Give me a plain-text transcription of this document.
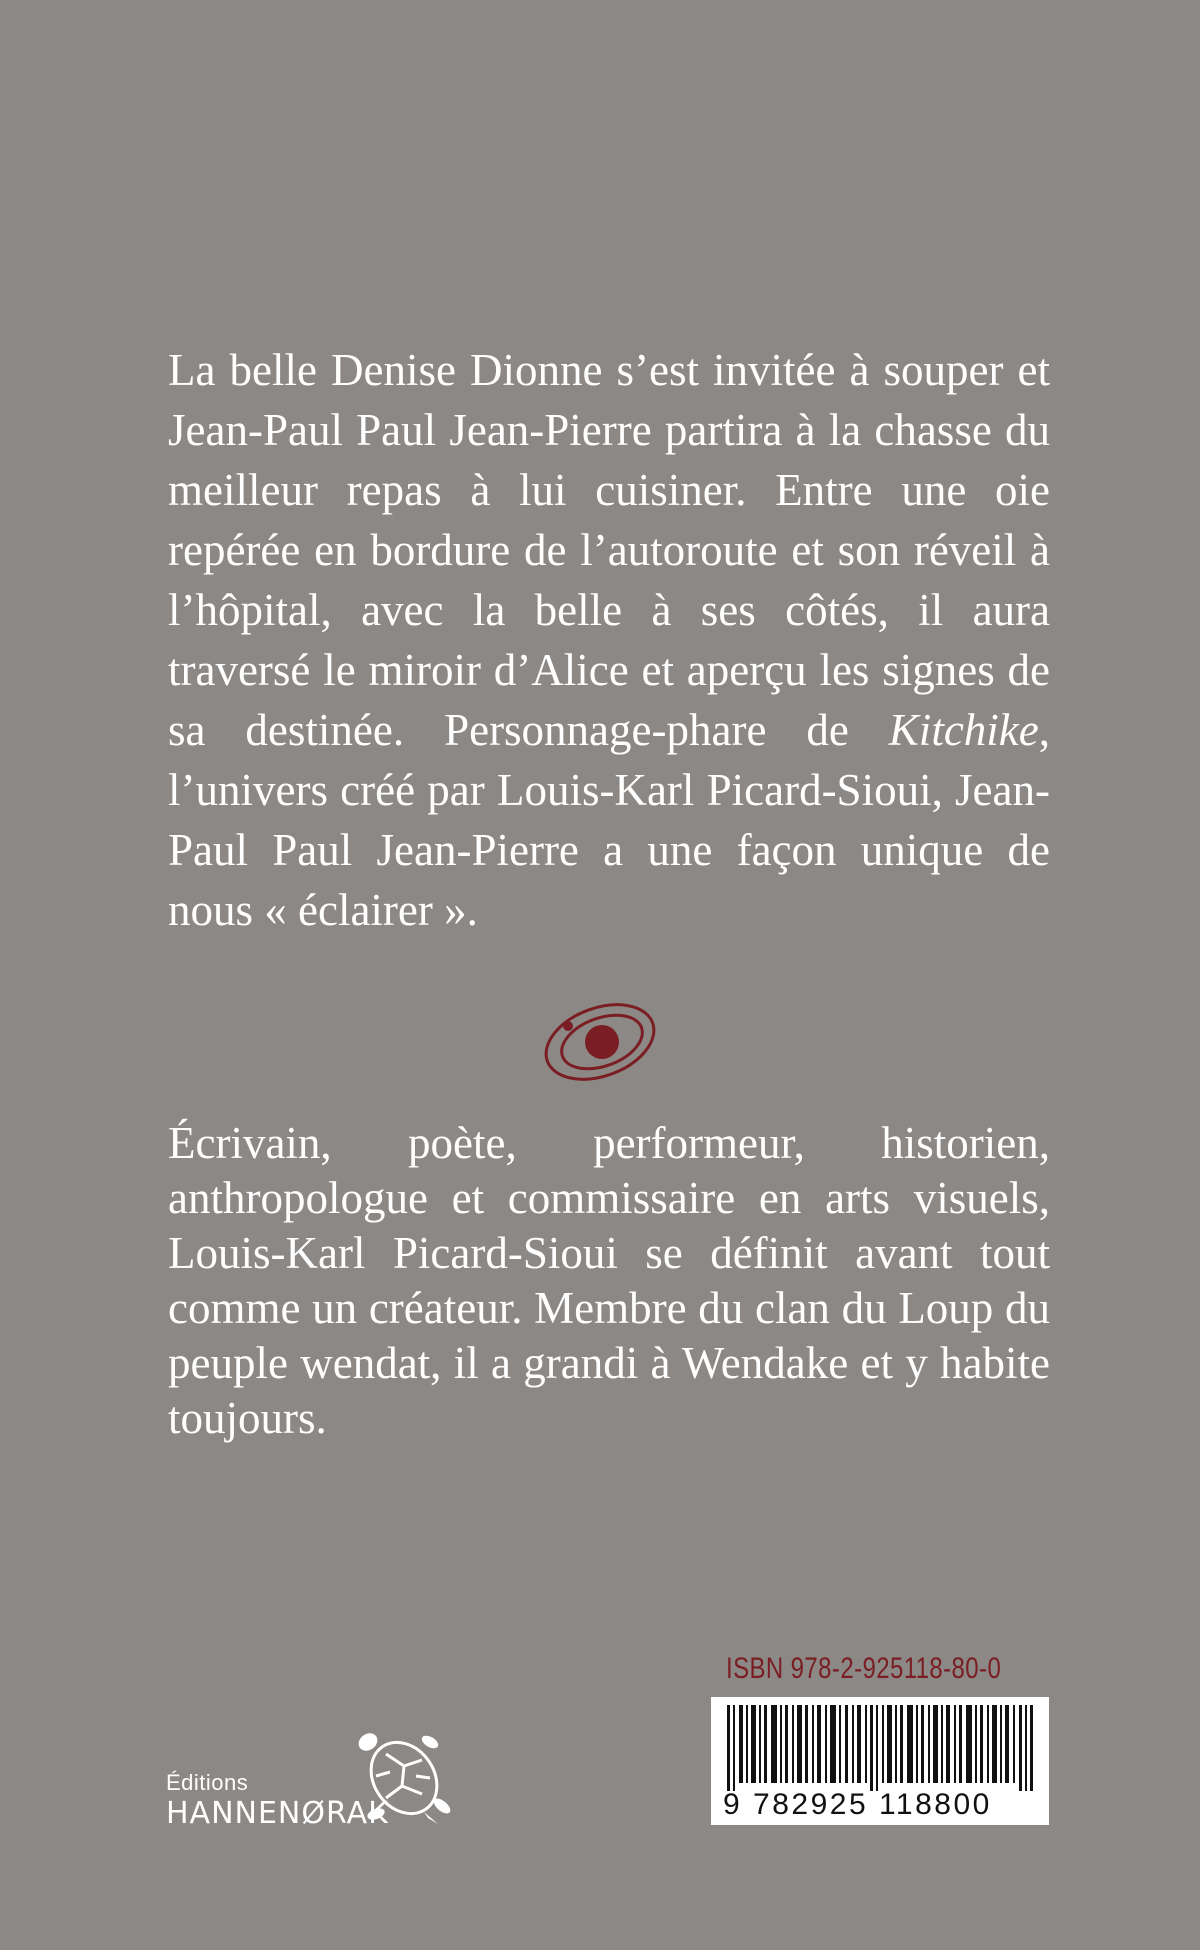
La belle Denise Dionne s’est invitée à souper et Jean-Paul Paul Jean-Pierre partira à la chasse du meilleur repas à lui cuisiner. Entre une oie repérée en bordure de l’autoroute et son réveil à l’hôpital, avec la belle à ses côtés, il aura traversé le miroir d’Alice et aperçu les signes de sa destinée. Personnage-phare de Kitchike, l’univers créé par Louis-Karl Picard-Sioui, Jean-Paul Paul Jean-Pierre a une façon unique de nous « éclairer ».

Écrivain, poète, performeur, historien, anthropologue et commissaire en arts visuels, Louis-Karl Picard-Sioui se définit avant tout comme un créateur. Membre du clan du Loup du peuple wendat, il a grandi à Wendake et y habite toujours.

Éditions
HANNENØRAK
ISBN 978-2-925118-80-0
9 782925 118800
